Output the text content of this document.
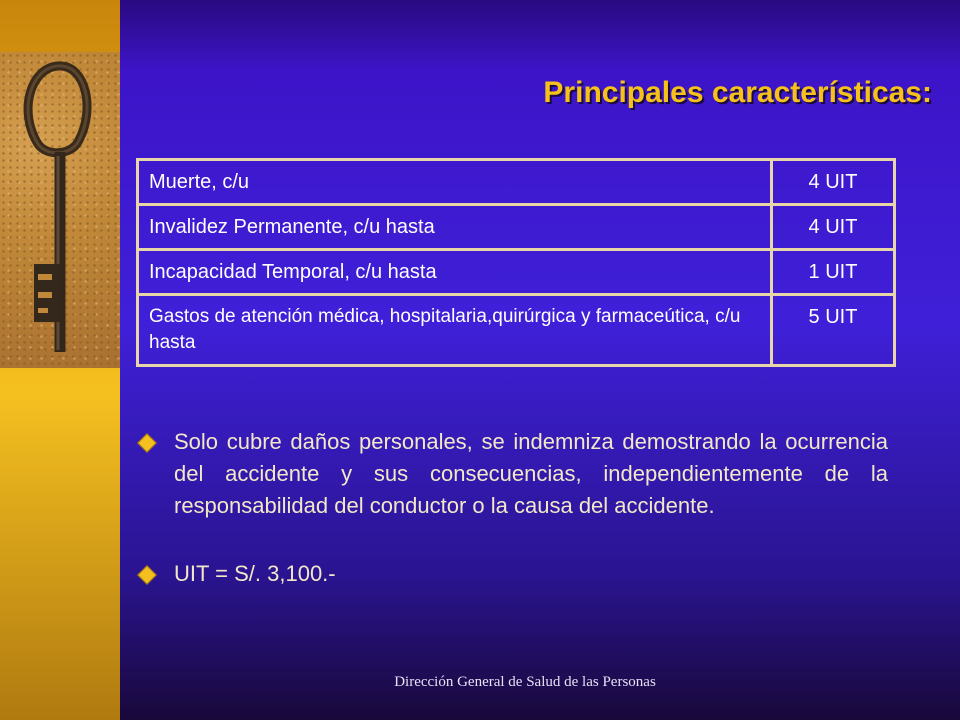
Principales características:
Muerte, c/u	4 UIT
Invalidez Permanente, c/u hasta	4 UIT
Incapacidad Temporal, c/u hasta	1 UIT
Gastos de atención médica, hospitalaria,quirúrgica y farmaceútica, c/u hasta	5 UIT
Solo cubre daños personales, se indemniza demostrando la ocurrencia del accidente y sus consecuencias, independientemente de la responsabilidad del conductor o la causa del accidente.
UIT = S/. 3,100.-
Dirección General de Salud de las Personas
